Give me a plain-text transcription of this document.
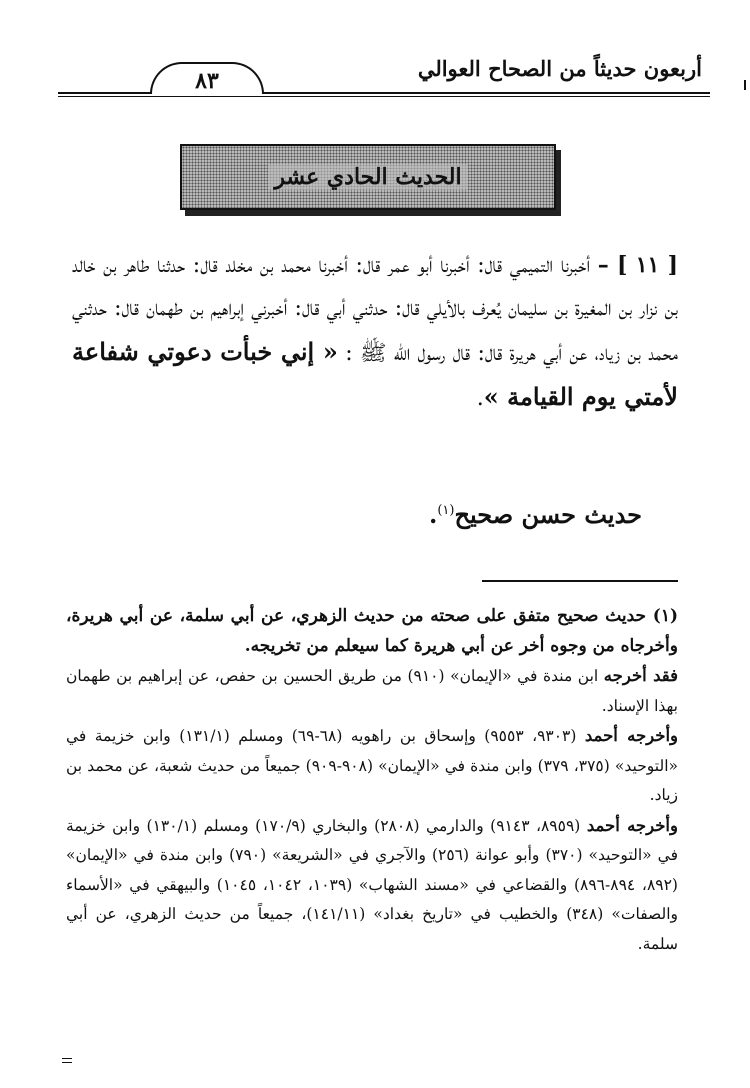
أربعون حديثاً من الصحاح العوالي
٨٣
الحديث الحادي عشر
[ ١١ ] – أخبرنا التميمي قال: أخبرنا أبو عمر قال: أخبرنا محمد بن مخلد قال: حدثنا طاهر بن خالد بن نزار بن المغيرة بن سليمان يُعرف بالأيلي قال: حدثني أبي قال: أخبرني إبراهيم بن طهمان قال: حدثني محمد بن زياد، عن أبي هريرة قال: قال رسول الله ﷺ : « إني خبأت دعوتي شفاعة لأمتي يوم القيامة ».
حديث حسن صحيح$^{(١)}$.

(١) حديث صحيح متفق على صحته من حديث الزهري، عن أبي سلمة، عن أبي هريرة، وأخرجاه من وجوه أخر عن أبي هريرة كما سيعلم من تخريجه.

فقد أخرجه ابن مندة في «الإيمان» (٩١٠) من طريق الحسين بن حفص، عن إبراهيم بن طهمان بهذا الإسناد.

وأخرجه أحمد (٩٣٠٣، ٩٥٥٣) وإسحاق بن راهويه (٦٨-٦٩) ومسلم (١٣١/١) وابن خزيمة في «التوحيد» (٣٧٥، ٣٧٩) وابن مندة في «الإيمان» (٩٠٨-٩٠٩) جميعاً من حديث شعبة، عن محمد بن زياد.

وأخرجه أحمد (٨٩٥٩، ٩١٤٣) والدارمي (٢٨٠٨) والبخاري (١٧٠/٩) ومسلم (١٣٠/١) وابن خزيمة في «التوحيد» (٣٧٠) وأبو عوانة (٢٥٦) والآجري في «الشريعة» (٧٩٠) وابن مندة في «الإيمان» (٨٩٢، ٨٩٤-٨٩٦) والقضاعي في «مسند الشهاب» (١٠٣٩، ١٠٤٢، ١٠٤٥) والبيهقي في «الأسماء والصفات» (٣٤٨) والخطيب في «تاريخ بغداد» (١٤١/١١)، جميعاً من حديث الزهري، عن أبي سلمة.
